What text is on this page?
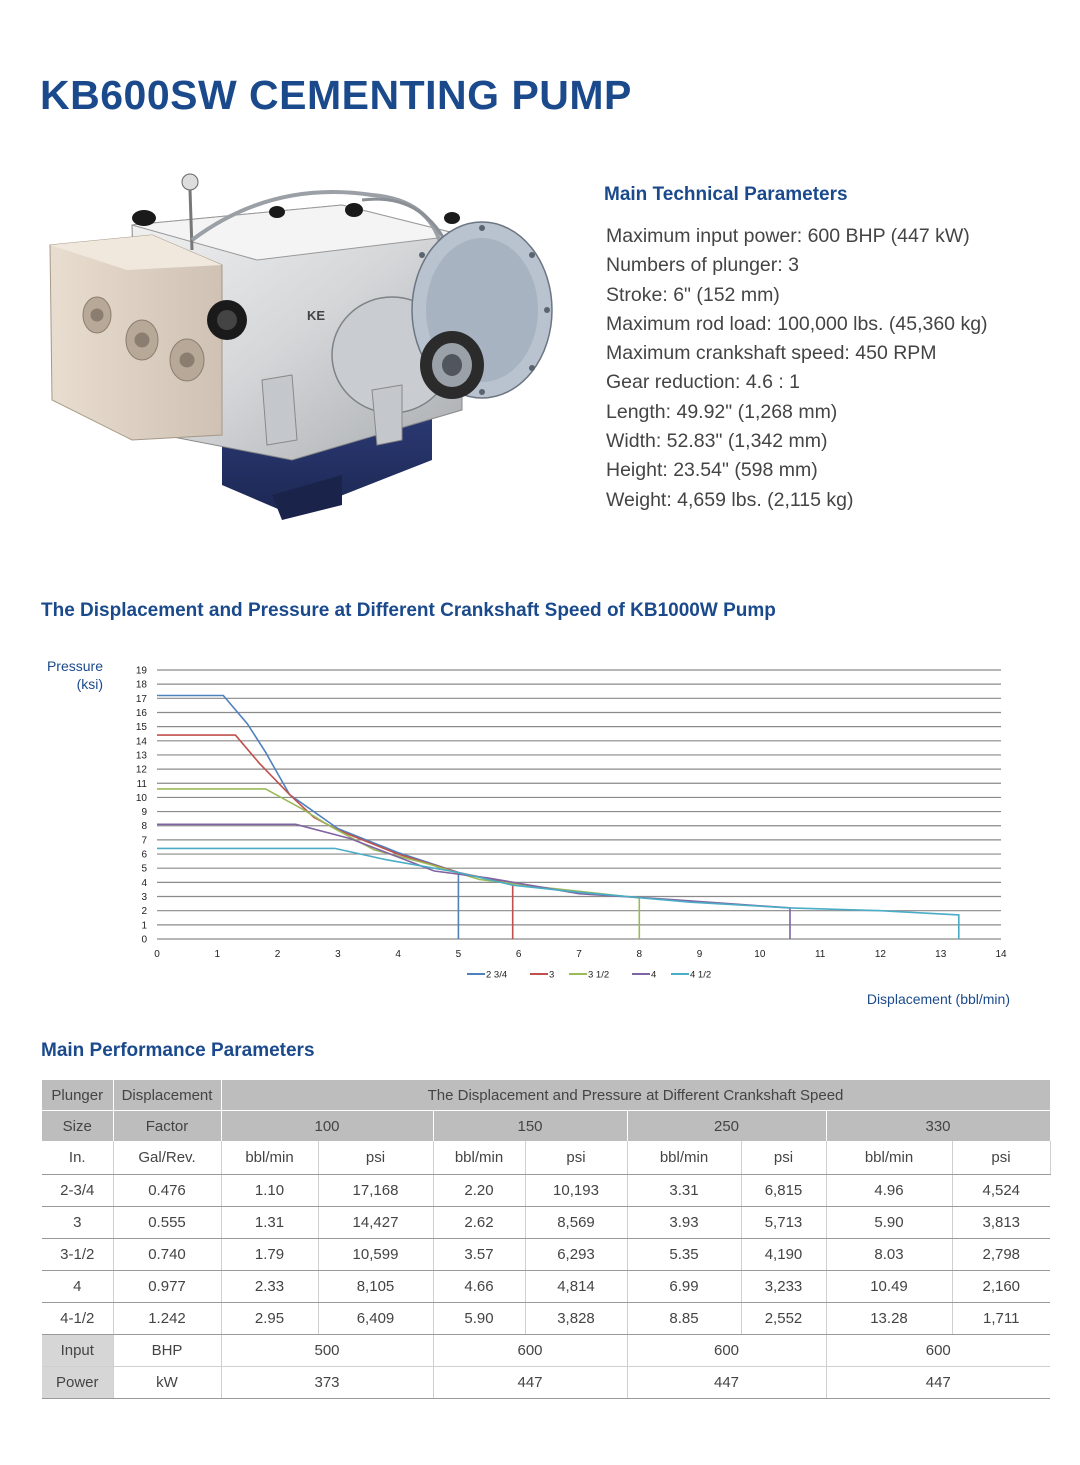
KB600SW CEMENTING PUMP
KE
Main Technical Parameters
Maximum input power: 600 BHP (447 kW)
Numbers of plunger: 3
Stroke: 6" (152 mm)
Maximum rod load: 100,000 lbs. (45,360 kg)
Maximum crankshaft speed: 450 RPM
Gear reduction: 4.6 : 1
Length: 49.92" (1,268 mm)
Width: 52.83" (1,342 mm)
Height: 23.54" (598 mm)
Weight: 4,659 lbs. (2,115 kg)
The Displacement and Pressure at Different Crankshaft Speed of KB1000W Pump
Pressure
(ksi)
Displacement (bbl/min)
0
1
2
3
4
5
6
7
8
9
10
11
12
13
14
15
16
17
18
19
0	1	2	3	4	5	6	7	8	9	10	11	12	13	14
2 3/4	3	3 1/2	4	4 1/2
Main Performance Parameters
Plunger	Displacement	The Displacement and Pressure at Different Crankshaft Speed							
Size	Factor	100		150		250		330	
In.	Gal/Rev.	bbl/min	psi	bbl/min	psi	bbl/min	psi	bbl/min	psi
2-3/4	0.476	1.10	17,168	2.20	10,193	3.31	6,815	4.96	4,524
3	0.555	1.31	14,427	2.62	8,569	3.93	5,713	5.90	3,813
3-1/2	0.740	1.79	10,599	3.57	6,293	5.35	4,190	8.03	2,798
4	0.977	2.33	8,105	4.66	4,814	6.99	3,233	10.49	2,160
4-1/2	1.242	2.95	6,409	5.90	3,828	8.85	2,552	13.28	1,711
Input	BHP	500		600		600		600	
Power	kW	373		447		447		447	
